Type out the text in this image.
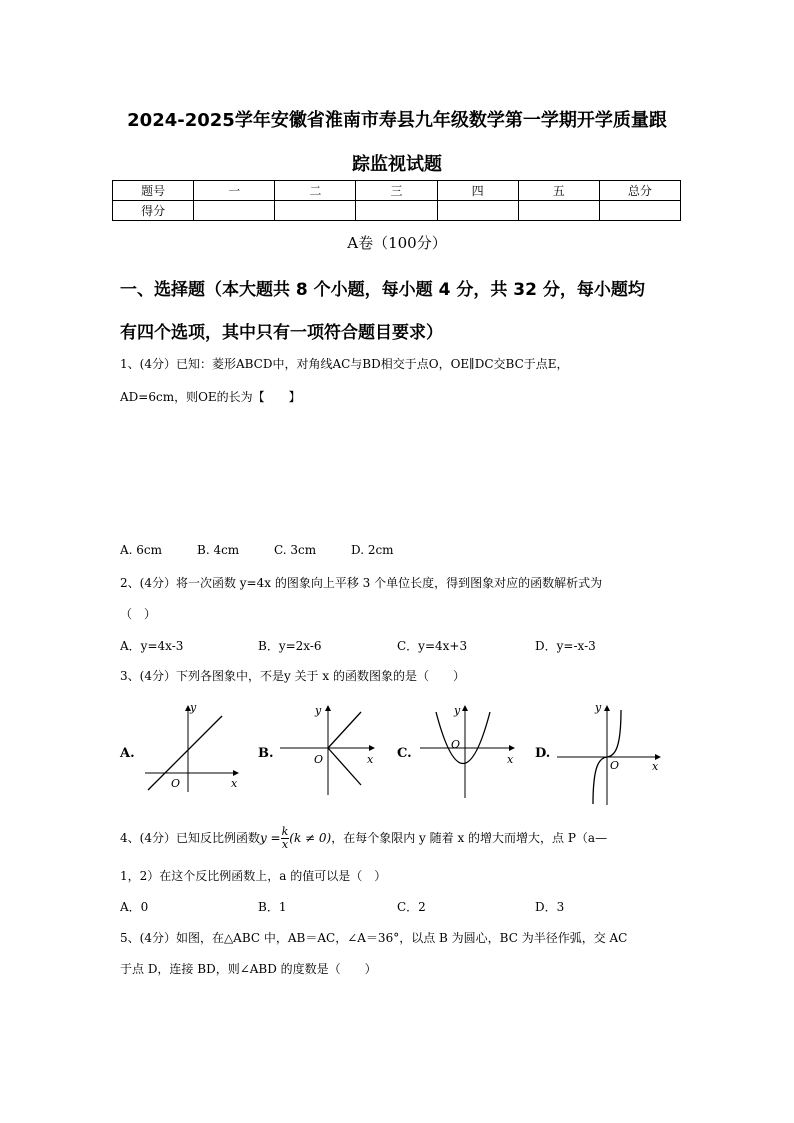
2024-2025学年安徽省淮南市寿县九年级数学第一学期开学质量跟
踪监视试题
题号	一	二	三	四	五	总分
得分						
A卷（100分）
一、选择题（本大题共 8 个小题，每小题 4 分，共 32 分，每小题均
有四个选项，其中只有一项符合题目要求）
1、(4分）已知：菱形ABCD中，对角线AC与BD相交于点O，OE∥DC交BC于点E，
AD=6cm，则OE的长为【　　】
A. 6cm	B. 4cm	C. 3cm	D. 2cm
2、(4分）将一次函数 y=4x 的图象向上平移 3 个单位长度，得到图象对应的函数解析式为
（　）
A．y=4x-3	B．y=2x-6	C．y=4x+3	D．y=-x-3
3、(4分）下列各图象中，不是y 关于 x 的函数图象的是（　　）
A.
y
x
O
B.
y
x
O	C.
y
x
O
D.
y
x
O
4、(4分）已知反比例函数$y = \frac{k}{x} (k \ne 0)$，在每个象限内 y 随着 x 的增大而增大，点 P（a—
1，2）在这个反比例函数上，a 的值可以是（　）
A．0	B．1	C．2	D．3
5、(4分）如图，在△ABC 中，AB＝AC，∠A＝36°，以点 B 为圆心，BC 为半径作弧，交 AC
于点 D，连接 BD，则∠ABD 的度数是（　　）
